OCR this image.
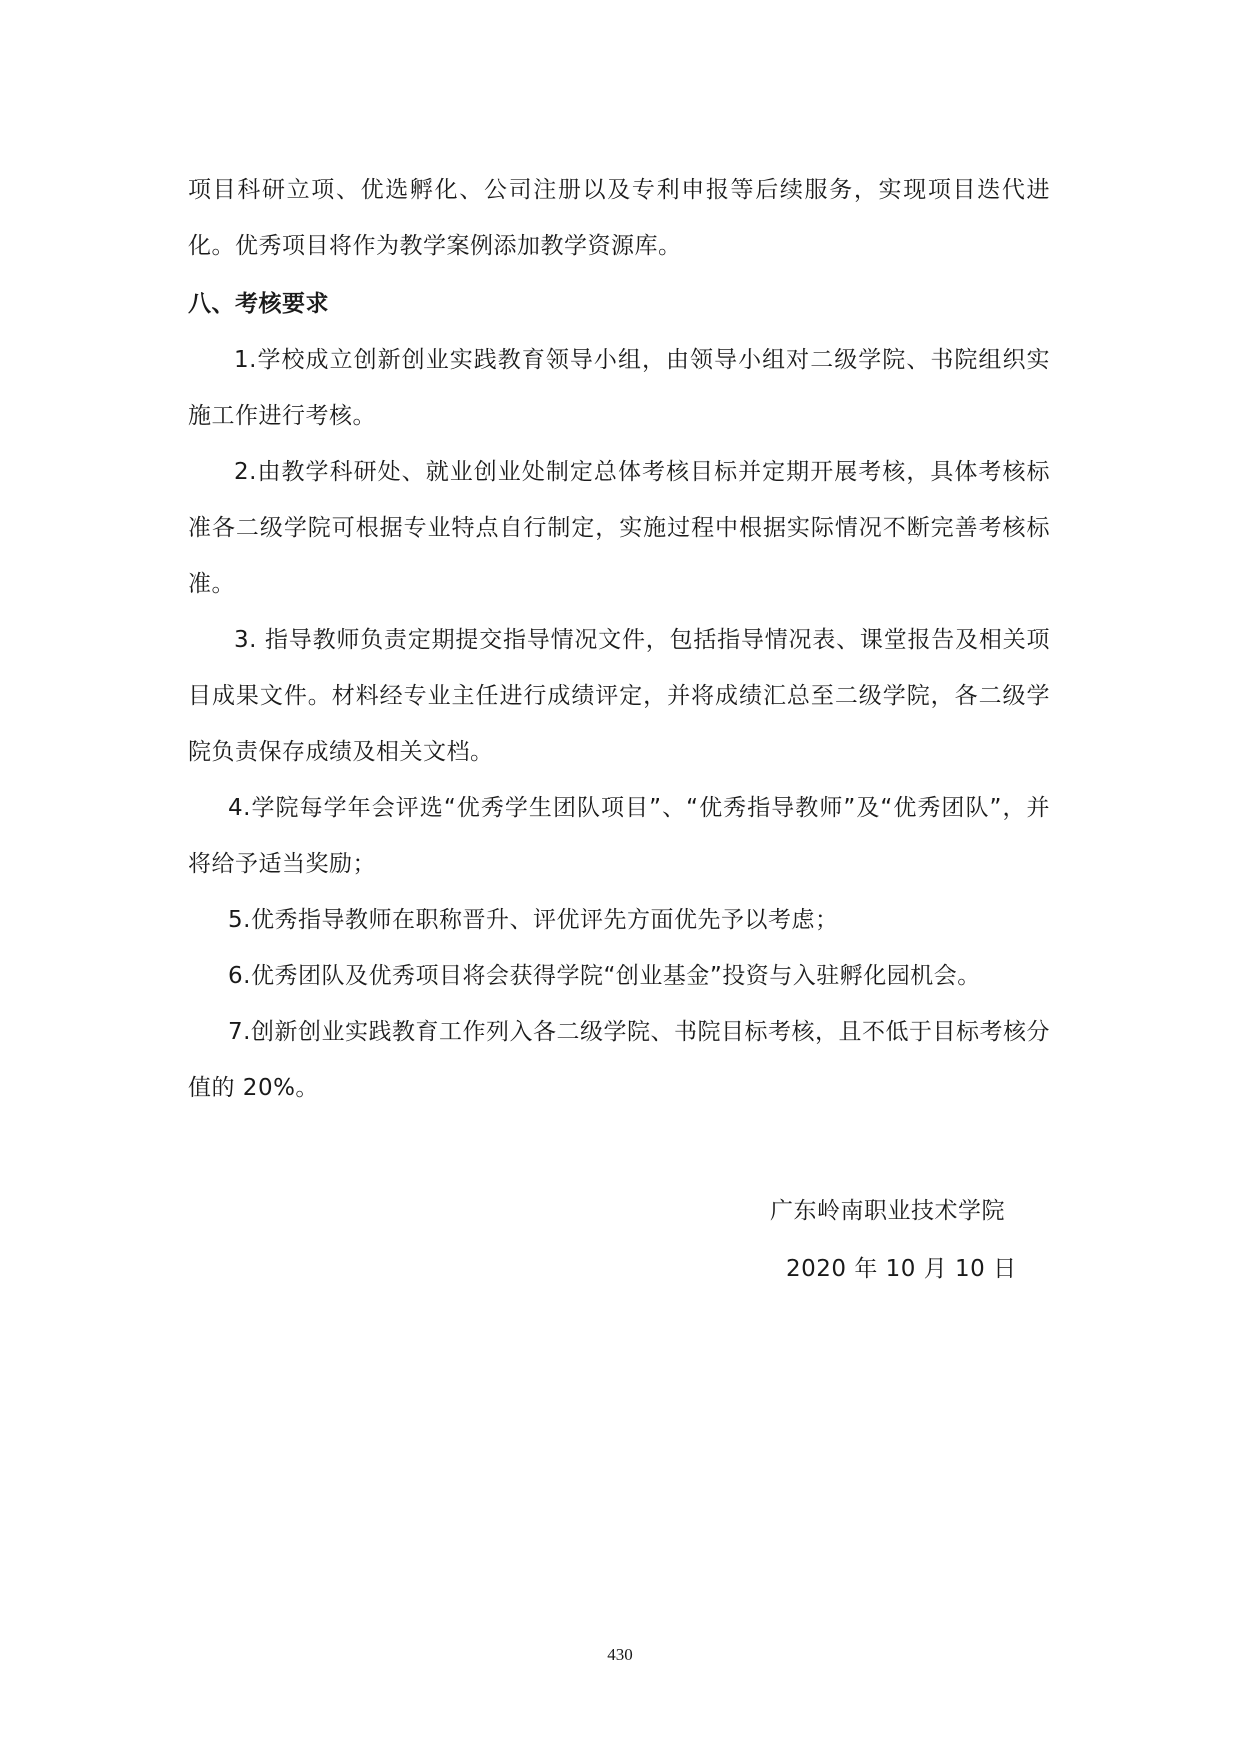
项目科研立项、优选孵化、公司注册以及专利申报等后续服务，实现项目迭代进化。优秀项目将作为教学案例添加教学资源库。

八、考核要求

1.学校成立创新创业实践教育领导小组，由领导小组对二级学院、书院组织实施工作进行考核。

2.由教学科研处、就业创业处制定总体考核目标并定期开展考核，具体考核标准各二级学院可根据专业特点自行制定，实施过程中根据实际情况不断完善考核标准。

3. 指导教师负责定期提交指导情况文件，包括指导情况表、课堂报告及相关项目成果文件。材料经专业主任进行成绩评定，并将成绩汇总至二级学院，各二级学院负责保存成绩及相关文档。

4.学院每学年会评选“优秀学生团队项目”、“优秀指导教师”及“优秀团队”，并将给予适当奖励；

5.优秀指导教师在职称晋升、评优评先方面优先予以考虑；

6.优秀团队及优秀项目将会获得学院“创业基金”投资与入驻孵化园机会。

7.创新创业实践教育工作列入各二级学院、书院目标考核，且不低于目标考核分值的 20%。

广东岭南职业技术学院
2020 年 10 月 10 日
430
